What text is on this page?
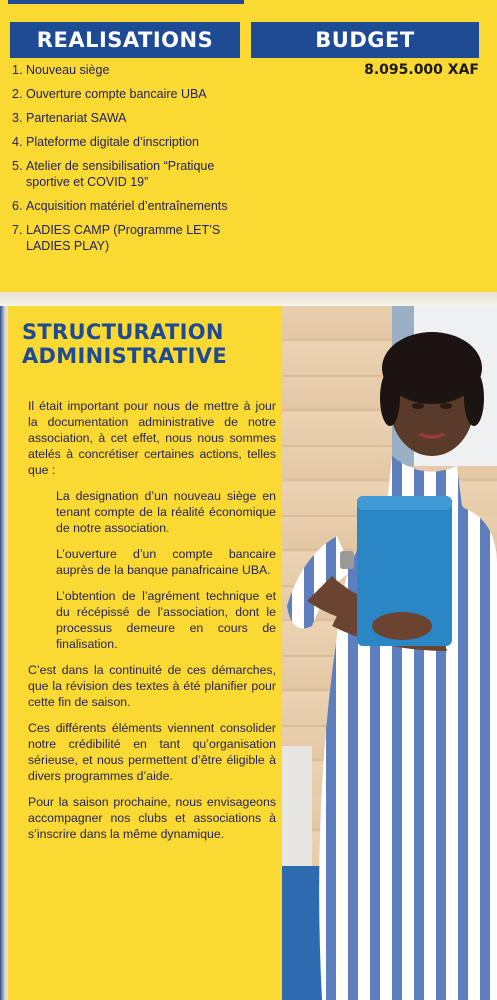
REALISATIONS	BUDGET
8.095.000 XAF
1. Nouveau siège
2. Ouverture compte bancaire UBA
3. Partenariat SAWA
4. Plateforme digitale d’inscription
5. Atelier de sensibilisation “Pratique sportive et COVID 19”
6. Acquisition matériel d’entraînements
7. LADIES CAMP (Programme LET’S LADIES PLAY)
STRUCTURATION
ADMINISTRATIVE

Il était important pour nous de mettre à jour la documentation administrative de notre association, à cet effet, nous nous sommes atelés à concrétiser certaines actions, telles que :

La designation d’un nouveau siège en tenant compte de la réalité économique de notre association.

L’ouverture d’un compte bancaire auprès de la banque panafricaine UBA.

L’obtention de l’agrément technique et du récépissé de l’association, dont le processus demeure en cours de finalisation.

C’est dans la continuité de ces démarches, que la révision des textes à été planifier pour cette fin de saison.

Ces différents éléments viennent consolider notre crédibilité en tant qu’organisation sérieuse, et nous permettent d’être éligible à divers programmes d’aide.

Pour la saison prochaine, nous envisageons accompagner nos clubs et associations à s’inscrire dans la même dynamique.
